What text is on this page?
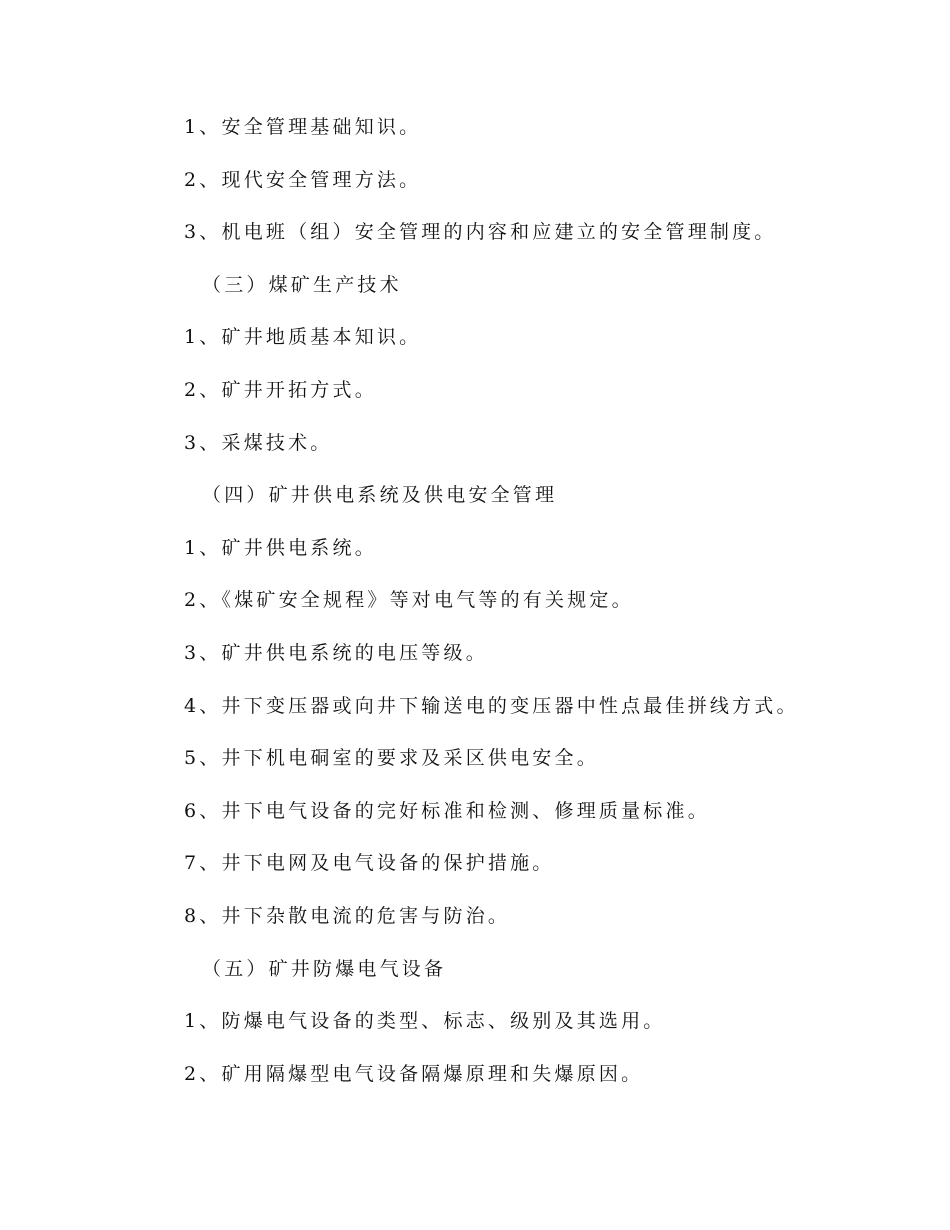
1、安全管理基础知识。
2、现代安全管理方法。
3、机电班（组）安全管理的内容和应建立的安全管理制度。
（三）煤矿生产技术
1、矿井地质基本知识。
2、矿井开拓方式。
3、采煤技术。
（四）矿井供电系统及供电安全管理
1、矿井供电系统。
2、《煤矿安全规程》等对电气等的有关规定。
3、矿井供电系统的电压等级。
4、井下变压器或向井下输送电的变压器中性点最佳拼线方式。
5、井下机电硐室的要求及采区供电安全。
6、井下电气设备的完好标准和检测、修理质量标准。
7、井下电网及电气设备的保护措施。
8、井下杂散电流的危害与防治。
（五）矿井防爆电气设备
1、防爆电气设备的类型、标志、级别及其选用。
2、矿用隔爆型电气设备隔爆原理和失爆原因。
